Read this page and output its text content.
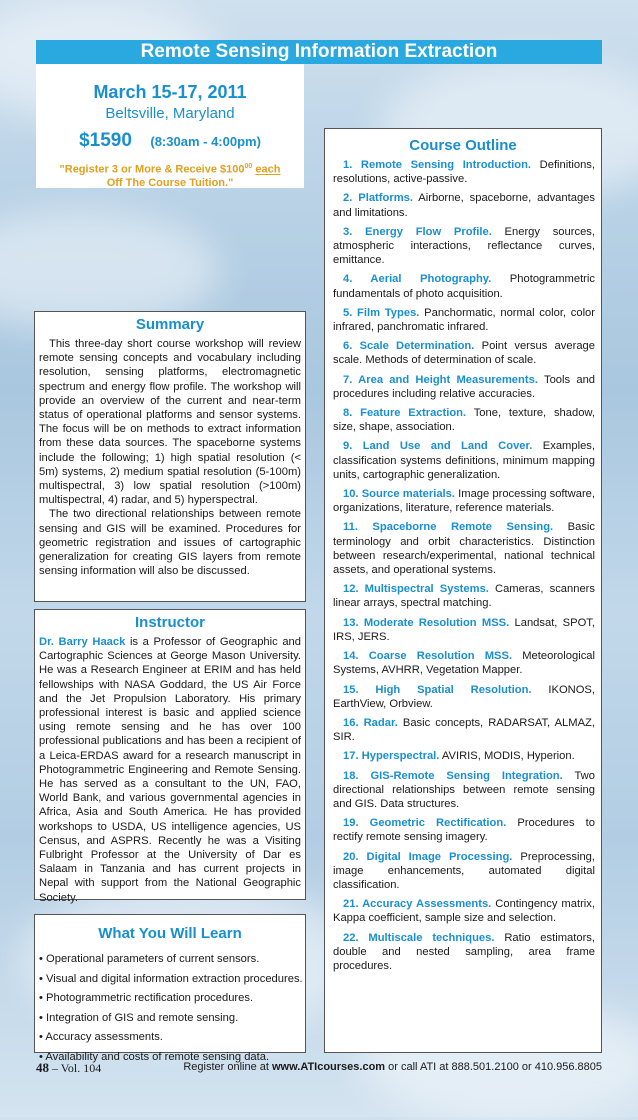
Remote Sensing Information Extraction
March 15-17, 2011
Beltsville, Maryland
$1590 (8:30am - 4:00pm)
"Register 3 or More & Receive $\$100^{00}$ each
Off The Course Tuition."
Summary

This three-day short course workshop will review remote sensing concepts and vocabulary including resolution, sensing platforms, electromagnetic spectrum and energy flow profile. The workshop will provide an overview of the current and near-term status of operational platforms and sensor systems. The focus will be on methods to extract information from these data sources. The spaceborne systems include the following; 1) high spatial resolution (< 5m) systems, 2) medium spatial resolution (5-100m) multispectral, 3) low spatial resolution (>100m) multispectral, 4) radar, and 5) hyperspectral.

The two directional relationships between remote sensing and GIS will be examined. Procedures for geometric registration and issues of cartographic generalization for creating GIS layers from remote sensing information will also be discussed.

Instructor

Dr. Barry Haack is a Professor of Geographic and Cartographic Sciences at George Mason University. He was a Research Engineer at ERIM and has held fellowships with NASA Goddard, the US Air Force and the Jet Propulsion Laboratory. His primary professional interest is basic and applied science using remote sensing and he has over 100 professional publications and has been a recipient of a Leica-ERDAS award for a research manuscript in Photogrammetric Engineering and Remote Sensing. He has served as a consultant to the UN, FAO, World Bank, and various governmental agencies in Africa, Asia and South America. He has provided workshops to USDA, US intelligence agencies, US Census, and ASPRS. Recently he was a Visiting Fulbright Professor at the University of Dar es Salaam in Tanzania and has current projects in Nepal with support from the National Geographic Society.

What You Will Learn
• Operational parameters of current sensors.
• Visual and digital information extraction procedures.
• Photogrammetric rectification procedures.
• Integration of GIS and remote sensing.
• Accuracy assessments.
• Availability and costs of remote sensing data.
Course Outline
1. Remote Sensing Introduction. Definitions, resolutions, active-passive.
2. Platforms. Airborne, spaceborne, advantages and limitations.
3. Energy Flow Profile. Energy sources, atmospheric interactions, reflectance curves, emittance.
4. Aerial Photography. Photogrammetric fundamentals of photo acquisition.
5. Film Types. Panchormatic, normal color, color infrared, panchromatic infrared.
6. Scale Determination. Point versus average scale. Methods of determination of scale.
7. Area and Height Measurements. Tools and procedures including relative accuracies.
8. Feature Extraction. Tone, texture, shadow, size, shape, association.
9. Land Use and Land Cover. Examples, classification systems definitions, minimum mapping units, cartographic generalization.
10. Source materials. Image processing software, organizations, literature, reference materials.
11. Spaceborne Remote Sensing. Basic terminology and orbit characteristics. Distinction between research/experimental, national technical assets, and operational systems.
12. Multispectral Systems. Cameras, scanners linear arrays, spectral matching.
13. Moderate Resolution MSS. Landsat, SPOT, IRS, JERS.
14. Coarse Resolution MSS. Meteorological Systems, AVHRR, Vegetation Mapper.
15. High Spatial Resolution. IKONOS, EarthView, Orbview.
16. Radar. Basic concepts, RADARSAT, ALMAZ, SIR.
17. Hyperspectral. AVIRIS, MODIS, Hyperion.
18. GIS-Remote Sensing Integration. Two directional relationships between remote sensing and GIS. Data structures.
19. Geometric Rectification. Procedures to rectify remote sensing imagery.
20. Digital Image Processing. Preprocessing, image enhancements, automated digital classification.
21. Accuracy Assessments. Contingency matrix, Kappa coefficient, sample size and selection.
22. Multiscale techniques. Ratio estimators, double and nested sampling, area frame procedures.
48 – Vol. 104	Register online at www.ATIcourses.com or call ATI at 888.501.2100 or 410.956.8805
